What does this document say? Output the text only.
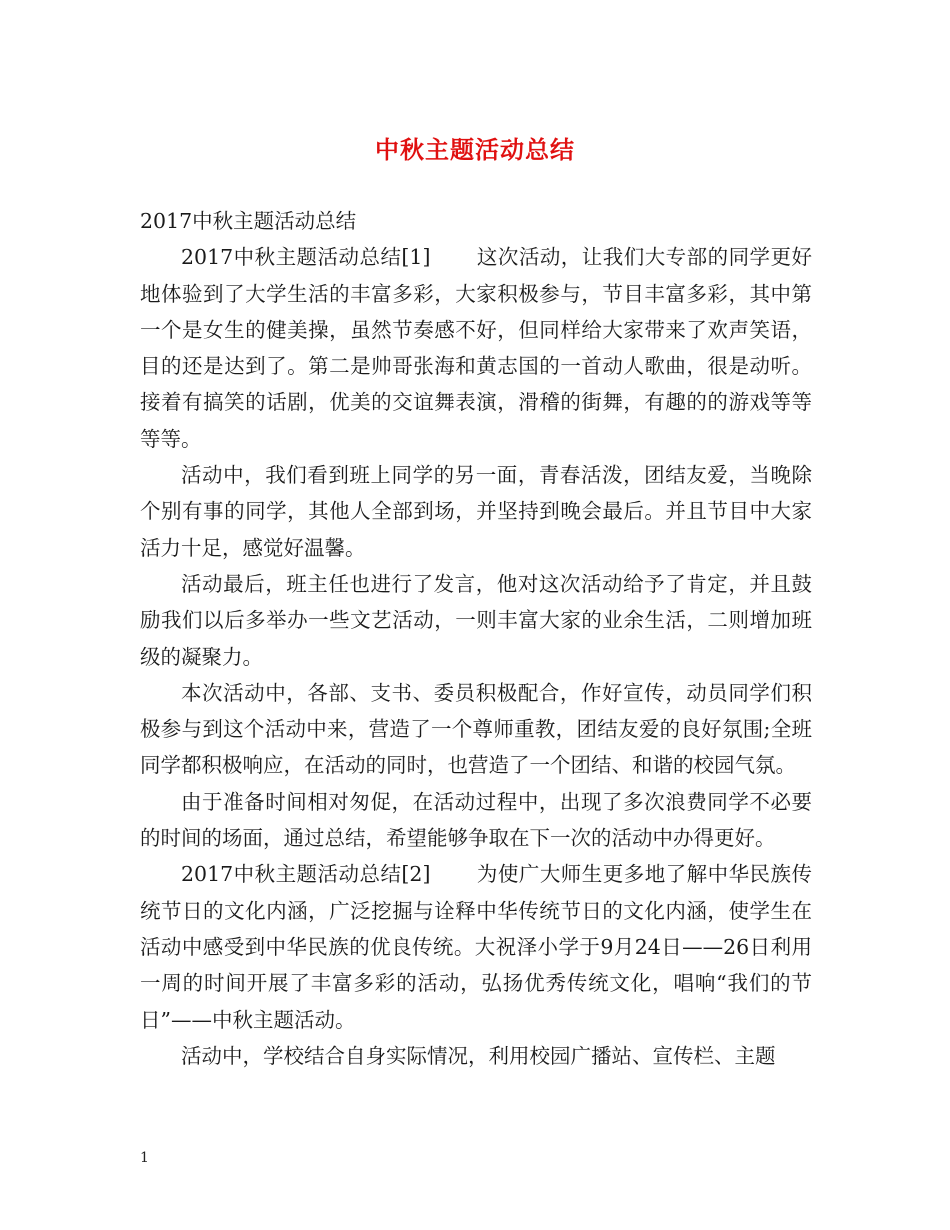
中秋主题活动总结

2017中秋主题活动总结

2017中秋主题活动总结[1] 这次活动，让我们大专部的同学更好地体验到了大学生活的丰富多彩，大家积极参与，节目丰富多彩，其中第一个是女生的健美操，虽然节奏感不好，但同样给大家带来了欢声笑语，目的还是达到了。第二是帅哥张海和黄志国的一首动人歌曲，很是动听。接着有搞笑的话剧，优美的交谊舞表演，滑稽的街舞，有趣的的游戏等等等等。

活动中，我们看到班上同学的另一面，青春活泼，团结友爱，当晚除个别有事的同学，其他人全部到场，并坚持到晚会最后。并且节目中大家活力十足，感觉好温馨。

活动最后，班主任也进行了发言，他对这次活动给予了肯定，并且鼓励我们以后多举办一些文艺活动，一则丰富大家的业余生活，二则增加班级的凝聚力。

本次活动中，各部、支书、委员积极配合，作好宣传，动员同学们积极参与到这个活动中来，营造了一个尊师重教，团结友爱的良好氛围;全班同学都积极响应，在活动的同时，也营造了一个团结、和谐的校园气氛。

由于准备时间相对匆促，在活动过程中，出现了多次浪费同学不必要的时间的场面，通过总结，希望能够争取在下一次的活动中办得更好。

2017中秋主题活动总结[2] 为使广大师生更多地了解中华民族传统节日的文化内涵，广泛挖掘与诠释中华传统节日的文化内涵，使学生在活动中感受到中华民族的优良传统。大祝泽小学于9月24日——26日利用一周的时间开展了丰富多彩的活动，弘扬优秀传统文化，唱响“我们的节日”——中秋主题活动。

活动中，学校结合自身实际情况，利用校园广播站、宣传栏、主题

1
